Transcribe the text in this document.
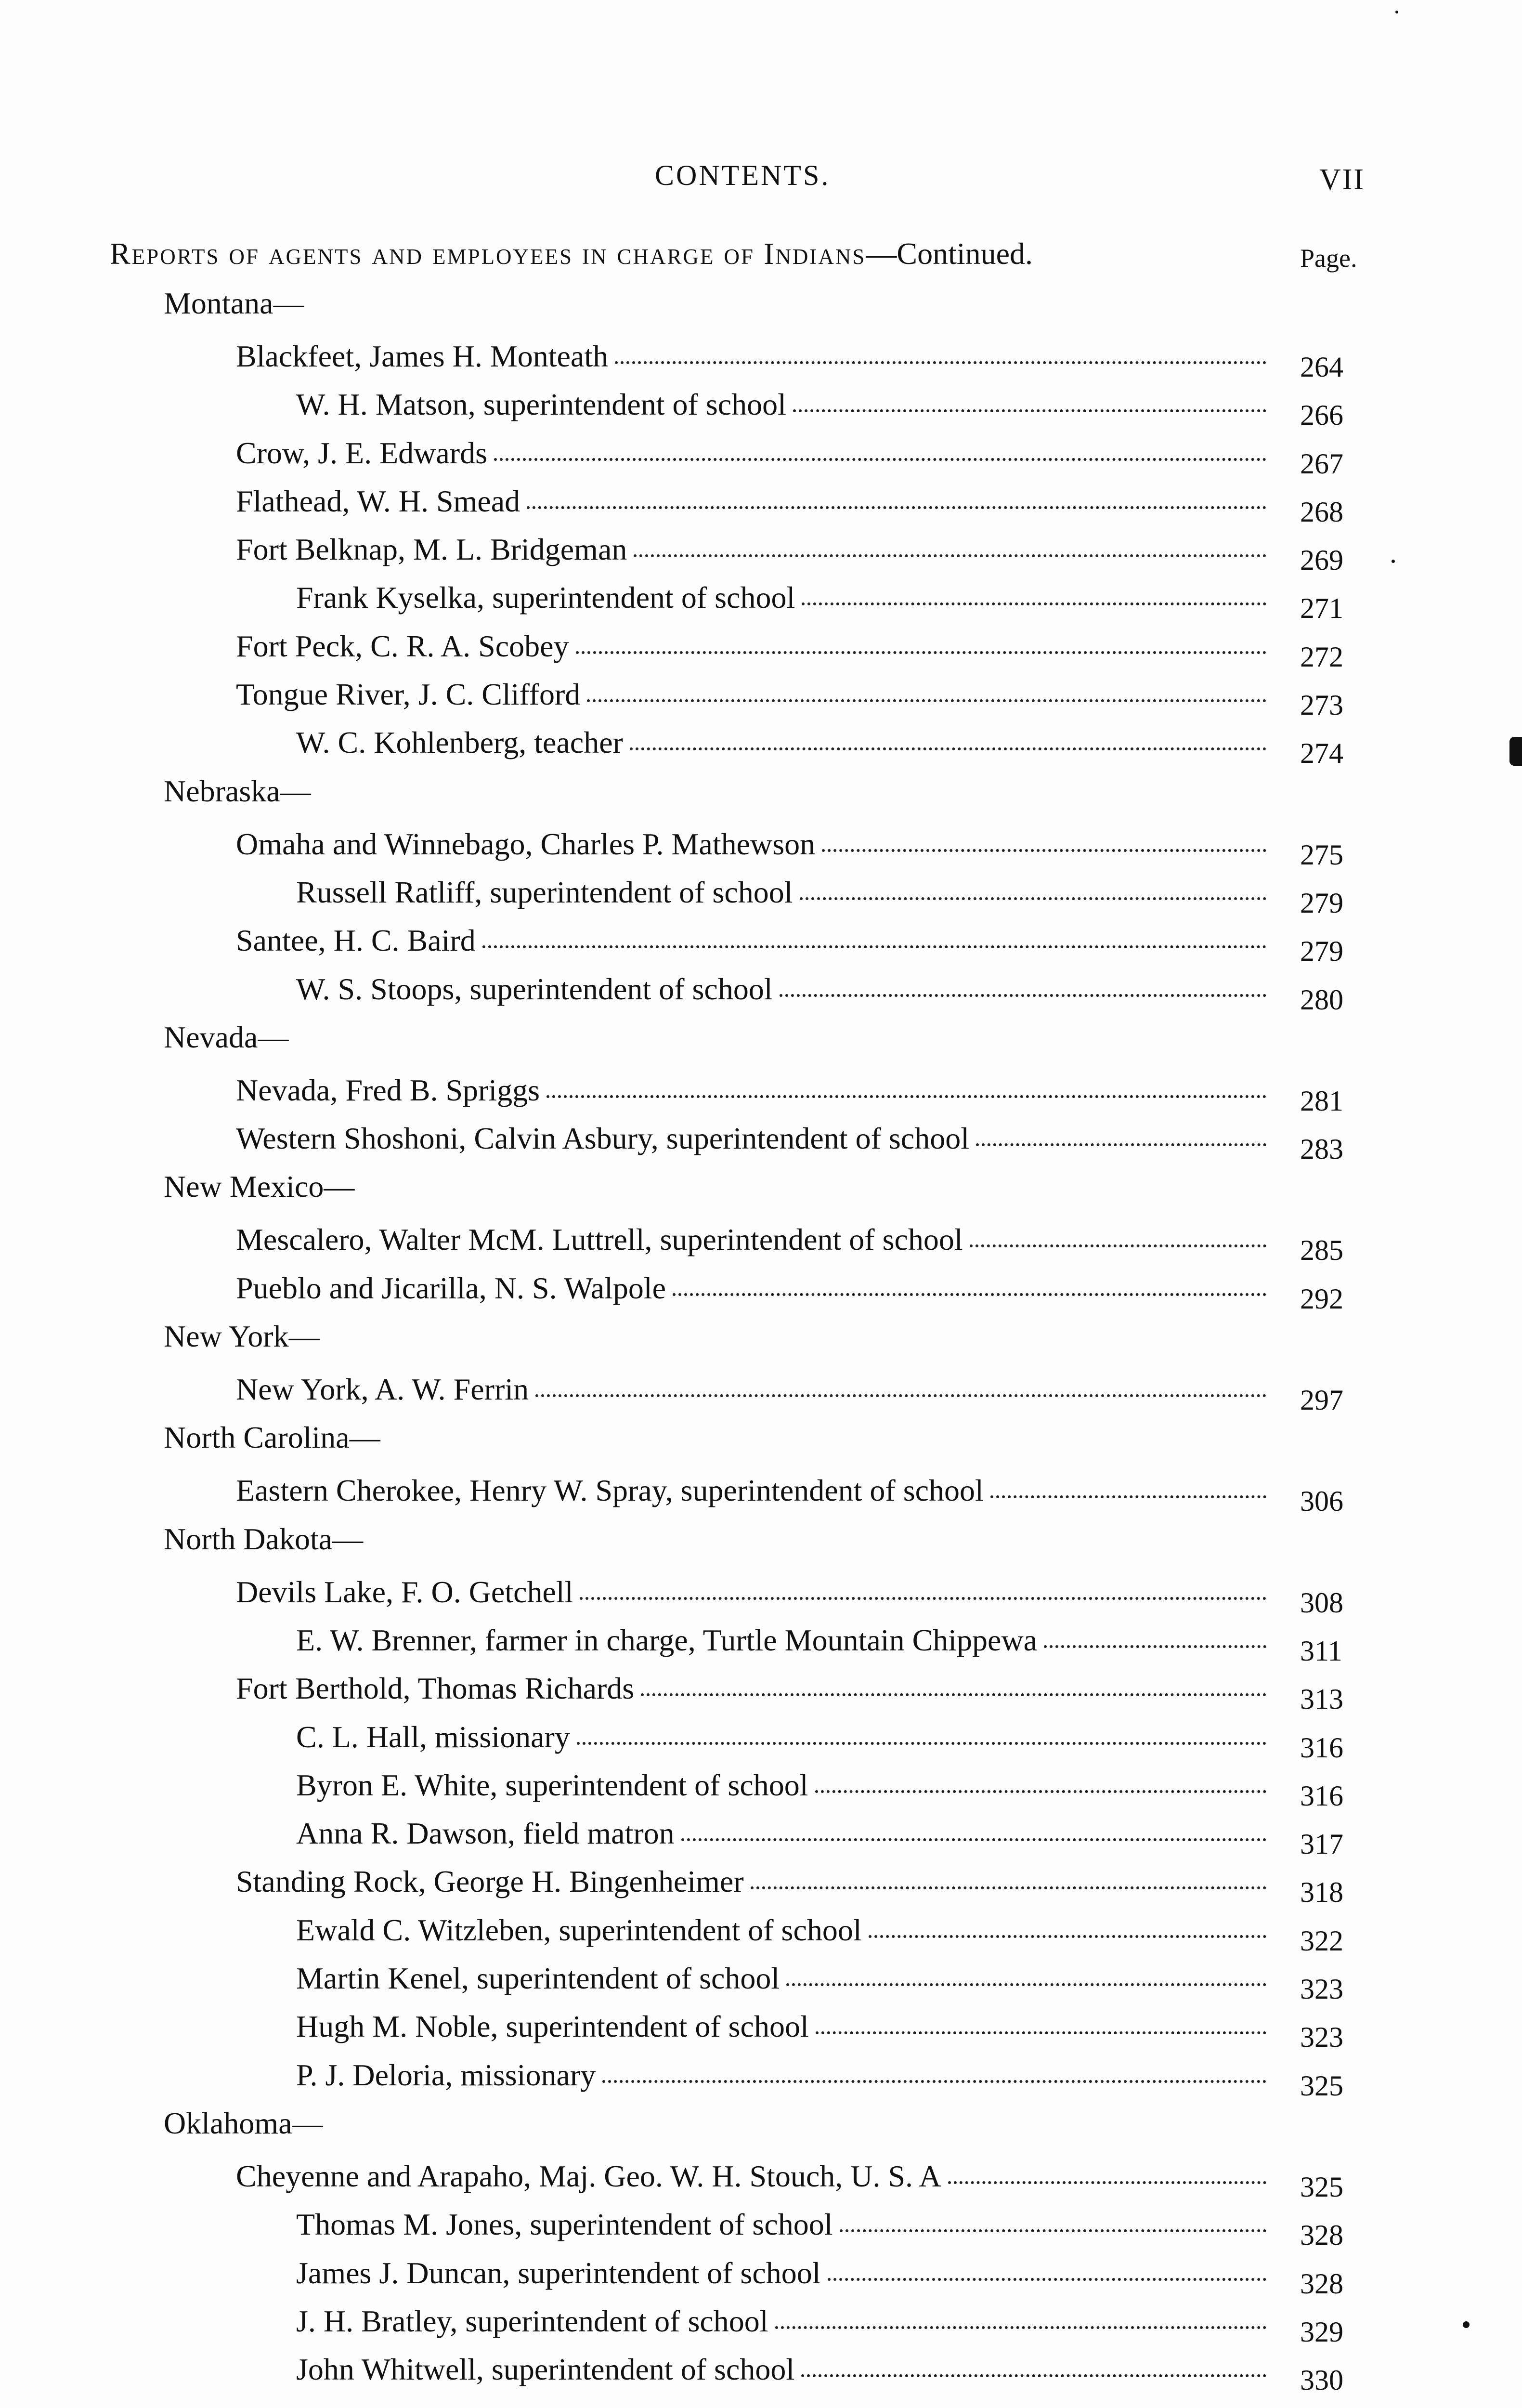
CONTENTS.	VII
Reports of agents and employees in charge of Indians—Continued.	Page.
Montana—
Blackfeet, James H. Monteath	264
W. H. Matson, superintendent of school	266
Crow, J. E. Edwards	267
Flathead, W. H. Smead	268
Fort Belknap, M. L. Bridgeman	269
Frank Kyselka, superintendent of school	271
Fort Peck, C. R. A. Scobey	272
Tongue River, J. C. Clifford	273
W. C. Kohlenberg, teacher	274
Nebraska—
Omaha and Winnebago, Charles P. Mathewson	275
Russell Ratliff, superintendent of school	279
Santee, H. C. Baird	279
W. S. Stoops, superintendent of school	280
Nevada—
Nevada, Fred B. Spriggs	281
Western Shoshoni, Calvin Asbury, superintendent of school	283
New Mexico—
Mescalero, Walter McM. Luttrell, superintendent of school	285
Pueblo and Jicarilla, N. S. Walpole	292
New York—
New York, A. W. Ferrin	297
North Carolina—
Eastern Cherokee, Henry W. Spray, superintendent of school	306
North Dakota—
Devils Lake, F. O. Getchell	308
E. W. Brenner, farmer in charge, Turtle Mountain Chippewa	311
Fort Berthold, Thomas Richards	313
C. L. Hall, missionary	316
Byron E. White, superintendent of school	316
Anna R. Dawson, field matron	317
Standing Rock, George H. Bingenheimer	318
Ewald C. Witzleben, superintendent of school	322
Martin Kenel, superintendent of school	323
Hugh M. Noble, superintendent of school	323
P. J. Deloria, missionary	325
Oklahoma—
Cheyenne and Arapaho, Maj. Geo. W. H. Stouch, U. S. A	325
Thomas M. Jones, superintendent of school	328
James J. Duncan, superintendent of school	328
J. H. Bratley, superintendent of school	329
John Whitwell, superintendent of school	330
